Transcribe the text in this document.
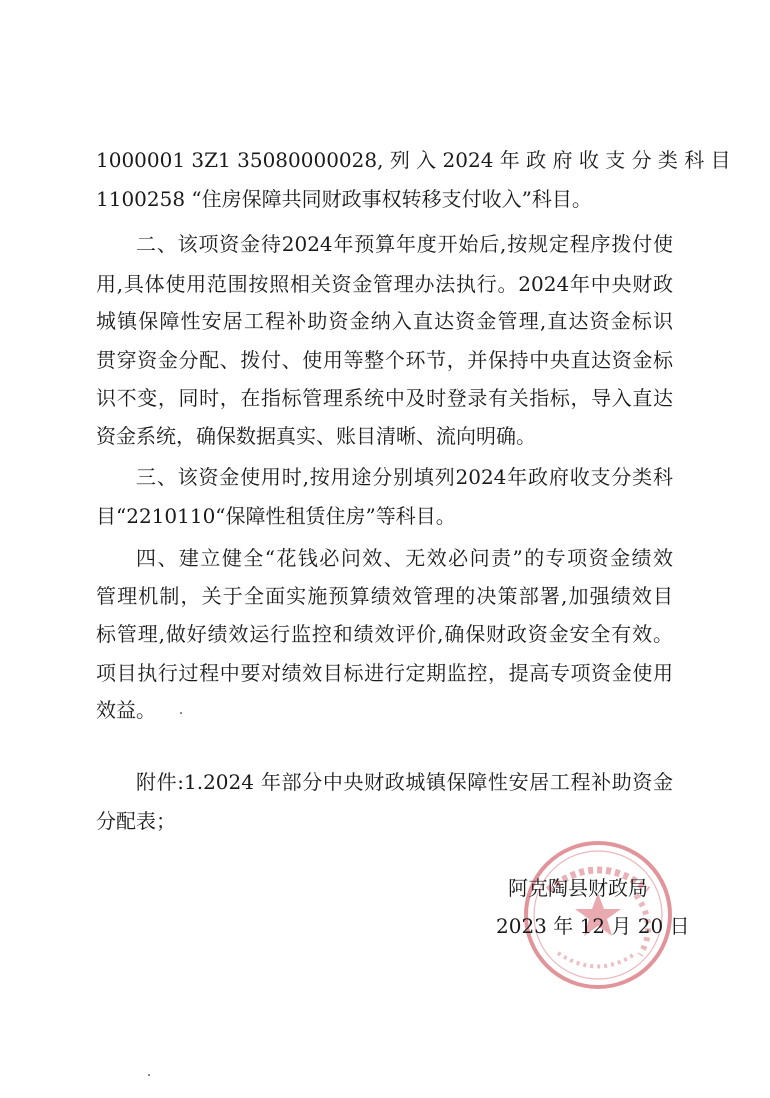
1000001 3Z1 35080000028, 列 入 2024 年 政 府 收 支 分 类 科 目
1100258 “住房保障共同财政事权转移支付收入”科目。
二、该项资金待2024年预算年度开始后,按规定程序拨付使
用,具体使用范围按照相关资金管理办法执行。2024年中央财政
城镇保障性安居工程补助资金纳入直达资金管理,直达资金标识
贯穿资金分配、拨付、使用等整个环节，并保持中央直达资金标
识不变，同时，在指标管理系统中及时登录有关指标，导入直达
资金系统，确保数据真实、账目清晰、流向明确。
三、该资金使用时,按用途分别填列2024年政府收支分类科
目“2210110“保障性租赁住房”等科目。
四、建立健全“花钱必问效、无效必问责”的专项资金绩效
管理机制，关于全面实施预算绩效管理的决策部署,加强绩效目
标管理,做好绩效运行监控和绩效评价,确保财政资金安全有效。
项目执行过程中要对绩效目标进行定期监控，提高专项资金使用
效益。
附件:1.2024 年部分中央财政城镇保障性安居工程补助资金
分配表；
阿克陶县财政局
2023 年 12 月 20 日
